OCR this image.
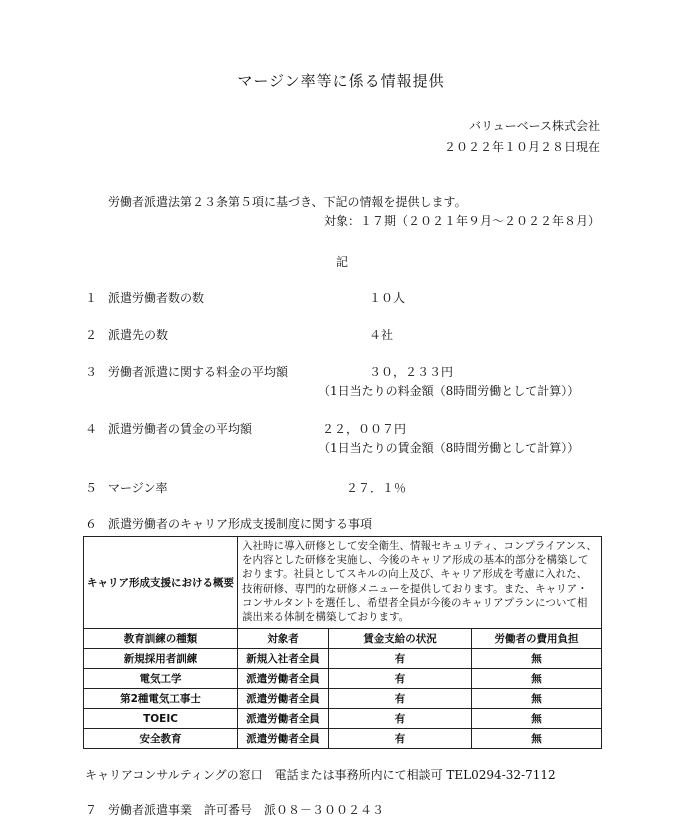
マージン率等に係る情報提供
バリューベース株式会社
２０２２年１０月２８日現在
労働者派遣法第２３条第５項に基づき、下記の情報を提供します。
対象：１７期（２０２１年９月～２０２２年８月）
記
１ 派遣労働者数の数	１０人
２ 派遣先の数	４社
３ 労働者派遣に関する料金の平均額	３０，２３３円
（1日当たりの料金額（8時間労働として計算））
４ 派遣労働者の賃金の平均額	２２，００７円
（1日当たりの賃金額（8時間労働として計算））
５ マージン率	２７．１％
６ 派遣労働者のキャリア形成支援制度に関する事項
キャリア形成支援における概要	入社時に導入研修として安全衛生、情報セキュリティ、コンプライアンス、を内容とした研修を実施し、今後のキャリア形成の基本的部分を構築しております。社員としてスキルの向上及び、キャリア形成を考慮に入れた、技術研修、専門的な研修メニューを提供しております。また、キャリア・コンサルタントを選任し、希望者全員が今後のキャリアプランについて相談出来る体制を構築しております。		
教育訓練の種類	対象者	賃金支給の状況	労働者の費用負担
新規採用者訓練	新規入社者全員	有	無
電気工学	派遣労働者全員	有	無
第2種電気工事士	派遣労働者全員	有	無
TOEIC	派遣労働者全員	有	無
安全教育	派遣労働者全員	有	無
キャリアコンサルティングの窓口　電話または事務所内にて相談可 TEL0294-32-7112
７ 労働者派遣事業　許可番号　派０８－３００２４３
